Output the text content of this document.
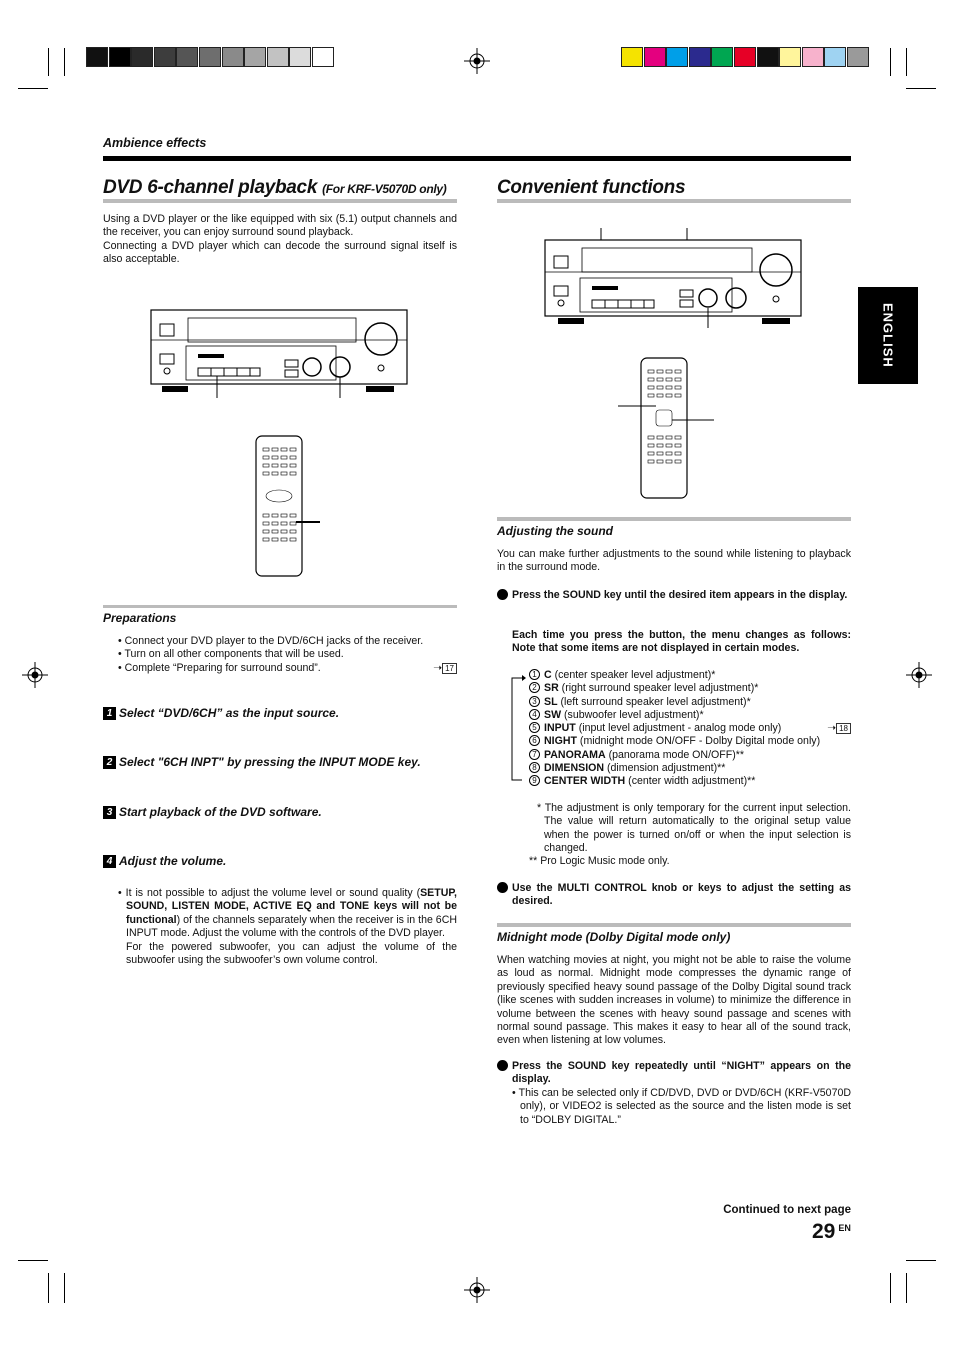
Ambience effects
DVD 6-channel playback (For KRF-V5070D only)
Using a DVD player or the like equipped with six (5.1) output channels and the receiver, you can enjoy surround sound playback.
Connecting a DVD player which can decode the surround signal itself is also acceptable.
Preparations
• Connect your DVD player to the DVD/6CH jacks of the receiver.
• Turn on all other components that will be used.
• Complete “Preparing for surround sound”.	➝ 17
1 Select “DVD/6CH” as the input source.
2 Select "6CH INPT" by pressing the INPUT MODE key.
3 Start playback of the DVD software.
4 Adjust the volume.
• It is not possible to adjust the volume level or sound quality (SETUP, SOUND, LISTEN MODE, ACTIVE EQ and TONE keys will not be functional) of the channels separately when the receiver is in the 6CH INPUT mode. Adjust the volume with the controls of the DVD player.
For the powered subwoofer, you can adjust the volume of the subwoofer using the subwoofer’s own volume control.
Convenient functions
Adjusting the sound
You can make further adjustments to the sound while listening to playback in the surround mode.
1 Press the SOUND key until the desired item appears in the display.
Each time you press the button, the menu changes as follows: Note that some items are not displayed in certain modes.
1 C (center speaker level adjustment)*
2 SR (right surround speaker level adjustment)*
3 SL (left surround speaker level adjustment)*
4 SW (subwoofer level adjustment)*
5 INPUT (input level adjustment - analog mode only)	➝ 18
6 NIGHT (midnight mode ON/OFF - Dolby Digital mode only)
7 PANORAMA (panorama mode ON/OFF)**
8 DIMENSION (dimension adjustment)**
9 CENTER WIDTH (center width adjustment)**
* The adjustment is only temporary for the current input selection. The value will return automatically to the original setup value when the power is turned on/off or when the input selection is changed.
** Pro Logic Music mode only.
2 Use the MULTI CONTROL knob or keys to adjust the setting as desired.
Midnight mode (Dolby Digital mode only)
When watching movies at night, you might not be able to raise the volume as loud as normal. Midnight mode compresses the dynamic range of previously specified heavy sound passage of the Dolby Digital sound track (like scenes with sudden increases in volume) to minimize the difference in volume between the scenes with heavy sound passage and scenes with normal sound passage. This makes it easy to hear all of the sound track, even when listening at low volumes.
1 Press the SOUND key repeatedly until “NIGHT” appears on the display.
• This can be selected only if CD/DVD, DVD or DVD/6CH (KRF-V5070D only), or VIDEO2 is selected as the source and the listen mode is set to “DOLBY DIGITAL.”
ENGLISH
Continued to next page
29 $^{EN}$
